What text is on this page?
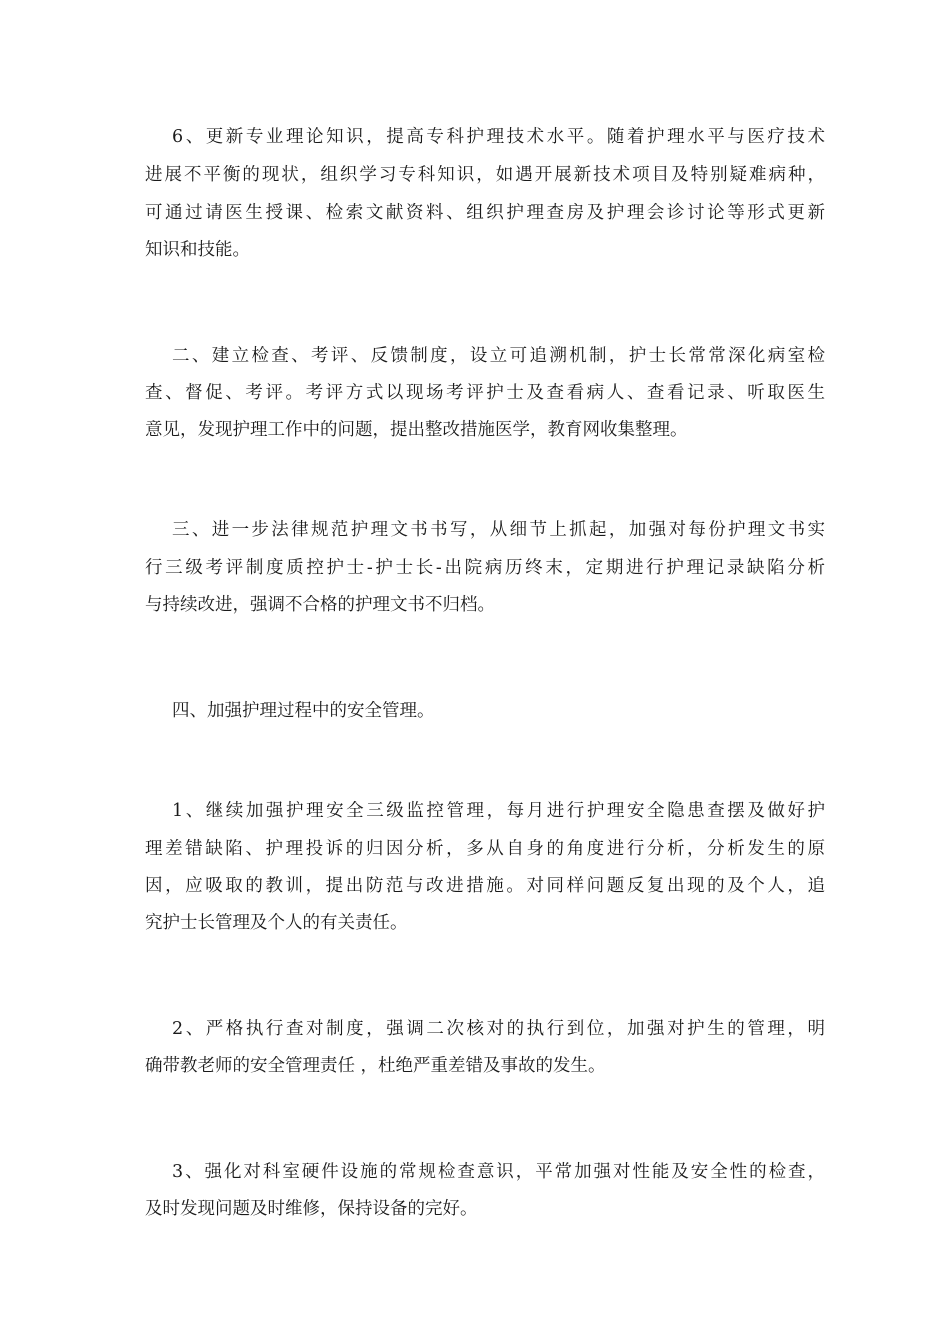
6、更新专业理论知识，提高专科护理技术水平。随着护理水平与医疗技术

进展不平衡的现状，组织学习专科知识，如遇开展新技术项目及特别疑难病种，

可通过请医生授课、检索文献资料、组织护理查房及护理会诊讨论等形式更新

知识和技能。

二、建立检查、考评、反馈制度，设立可追溯机制，护士长常常深化病室检

查、督促、考评。考评方式以现场考评护士及查看病人、查看记录、听取医生

意见，发现护理工作中的问题，提出整改措施医学，教育网收集整理。

三、进一步法律规范护理文书书写，从细节上抓起，加强对每份护理文书实

行三级考评制度质控护士-护士长-出院病历终末，定期进行护理记录缺陷分析

与持续改进，强调不合格的护理文书不归档。

四、加强护理过程中的安全管理。

1、继续加强护理安全三级监控管理，每月进行护理安全隐患查摆及做好护

理差错缺陷、护理投诉的归因分析，多从自身的角度进行分析，分析发生的原

因，应吸取的教训，提出防范与改进措施。对同样问题反复出现的及个人，追

究护士长管理及个人的有关责任。

2、严格执行查对制度，强调二次核对的执行到位，加强对护生的管理，明

确带教老师的安全管理责任 ，杜绝严重差错及事故的发生。

3、强化对科室硬件设施的常规检查意识，平常加强对性能及安全性的检查，

及时发现问题及时维修，保持设备的完好。
